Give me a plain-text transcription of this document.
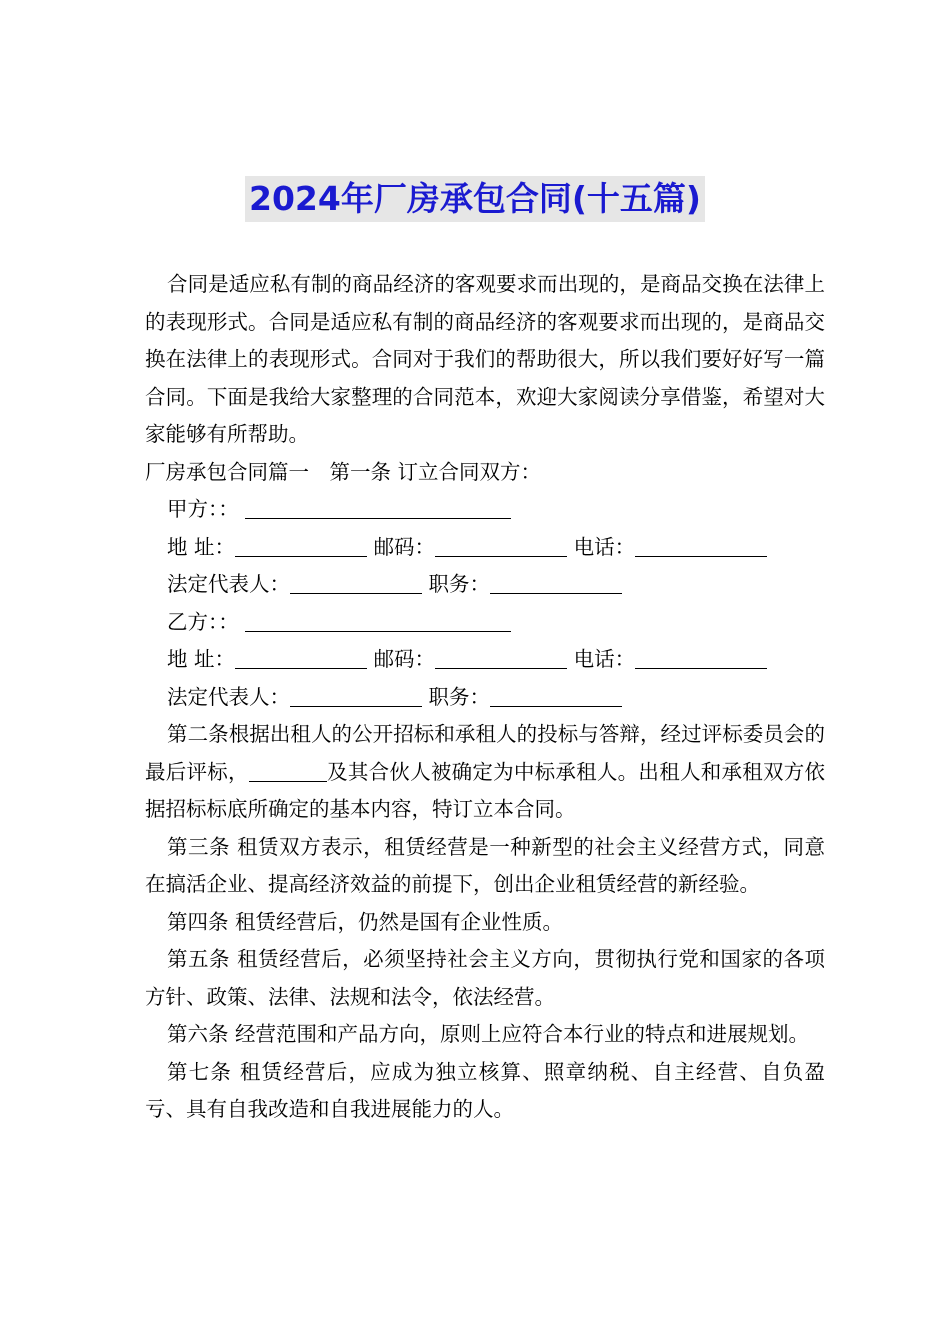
2024年厂房承包合同(十五篇)

合同是适应私有制的商品经济的客观要求而出现的，是商品交换在法律上的表现形式。合同是适应私有制的商品经济的客观要求而出现的，是商品交换在法律上的表现形式。合同对于我们的帮助很大，所以我们要好好写一篇合同。下面是我给大家整理的合同范本，欢迎大家阅读分享借鉴，希望对大家能够有所帮助。

厂房承包合同篇一　第一条 订立合同双方：

甲方：：

地 址：	邮码：	电话：

法定代表人：	职务：

乙方：：

地 址：	邮码：	电话：

法定代表人：	职务：

第二条根据出租人的公开招标和承租人的投标与答辩，经过评标委员会的最后评标，	及其合伙人被确定为中标承租人。出租人和承租双方依据招标标底所确定的基本内容，特订立本合同。

第三条 租赁双方表示，租赁经营是一种新型的社会主义经营方式，同意在搞活企业、提高经济效益的前提下，创出企业租赁经营的新经验。

第四条 租赁经营后，仍然是国有企业性质。

第五条 租赁经营后，必须坚持社会主义方向，贯彻执行党和国家的各项方针、政策、法律、法规和法令，依法经营。

第六条 经营范围和产品方向，原则上应符合本行业的特点和进展规划。

第七条 租赁经营后，应成为独立核算、照章纳税、自主经营、自负盈亏、具有自我改造和自我进展能力的人。
